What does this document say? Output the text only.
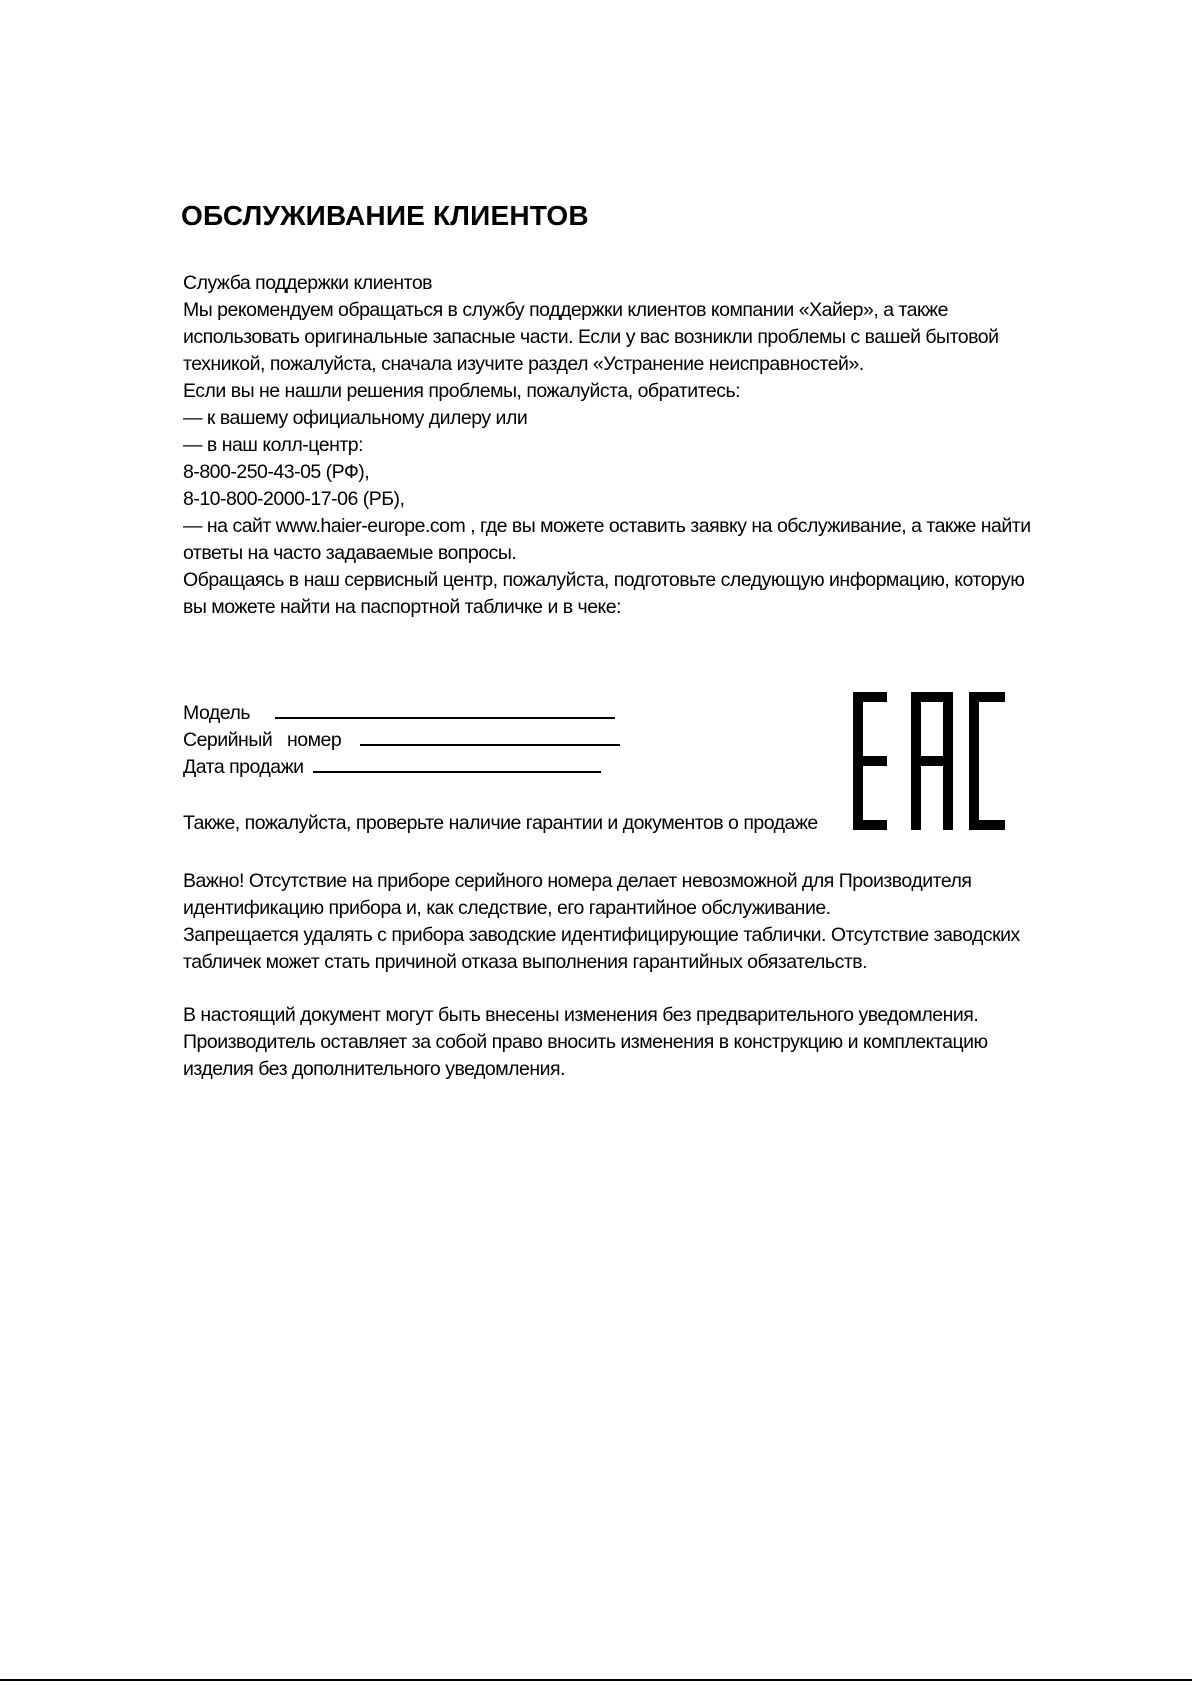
ОБСЛУЖИВАНИЕ КЛИЕНТОВ
Служба поддержки клиентов
Мы рекомендуем обращаться в службу поддержки клиентов компании «Хайер», а также
использовать оригинальные запасные части. Если у вас возникли проблемы с вашей бытовой
техникой, пожалуйста, сначала изучите раздел «Устранение неисправностей».
Если вы не нашли решения проблемы, пожалуйста, обратитесь:
— к вашему официальному дилеру или
— в наш колл-центр:
8-800-250-43-05 (РФ),
8-10-800-2000-17-06 (РБ),
— на сайт www.haier-europe.com , где вы можете оставить заявку на обслуживание, а также найти
ответы на часто задаваемые вопросы.
Обращаясь в наш сервисный центр, пожалуйста, подготовьте следующую информацию, которую
вы можете найти на паспортной табличке и в чеке:
Модель
Серийный   номер
Дата продажи
Также, пожалуйста, проверьте наличие гарантии и документов о продаже
Важно! Отсутствие на приборе серийного номера делает невозможной для Производителя
идентификацию прибора и, как следствие, его гарантийное обслуживание.
Запрещается удалять с прибора заводские идентифицирующие таблички. Отсутствие заводских
табличек может стать причиной отказа выполнения гарантийных обязательств.
В настоящий документ могут быть внесены изменения без предварительного уведомления.
Производитель оставляет за собой право вносить изменения в конструкцию и комплектацию
изделия без дополнительного уведомления.
